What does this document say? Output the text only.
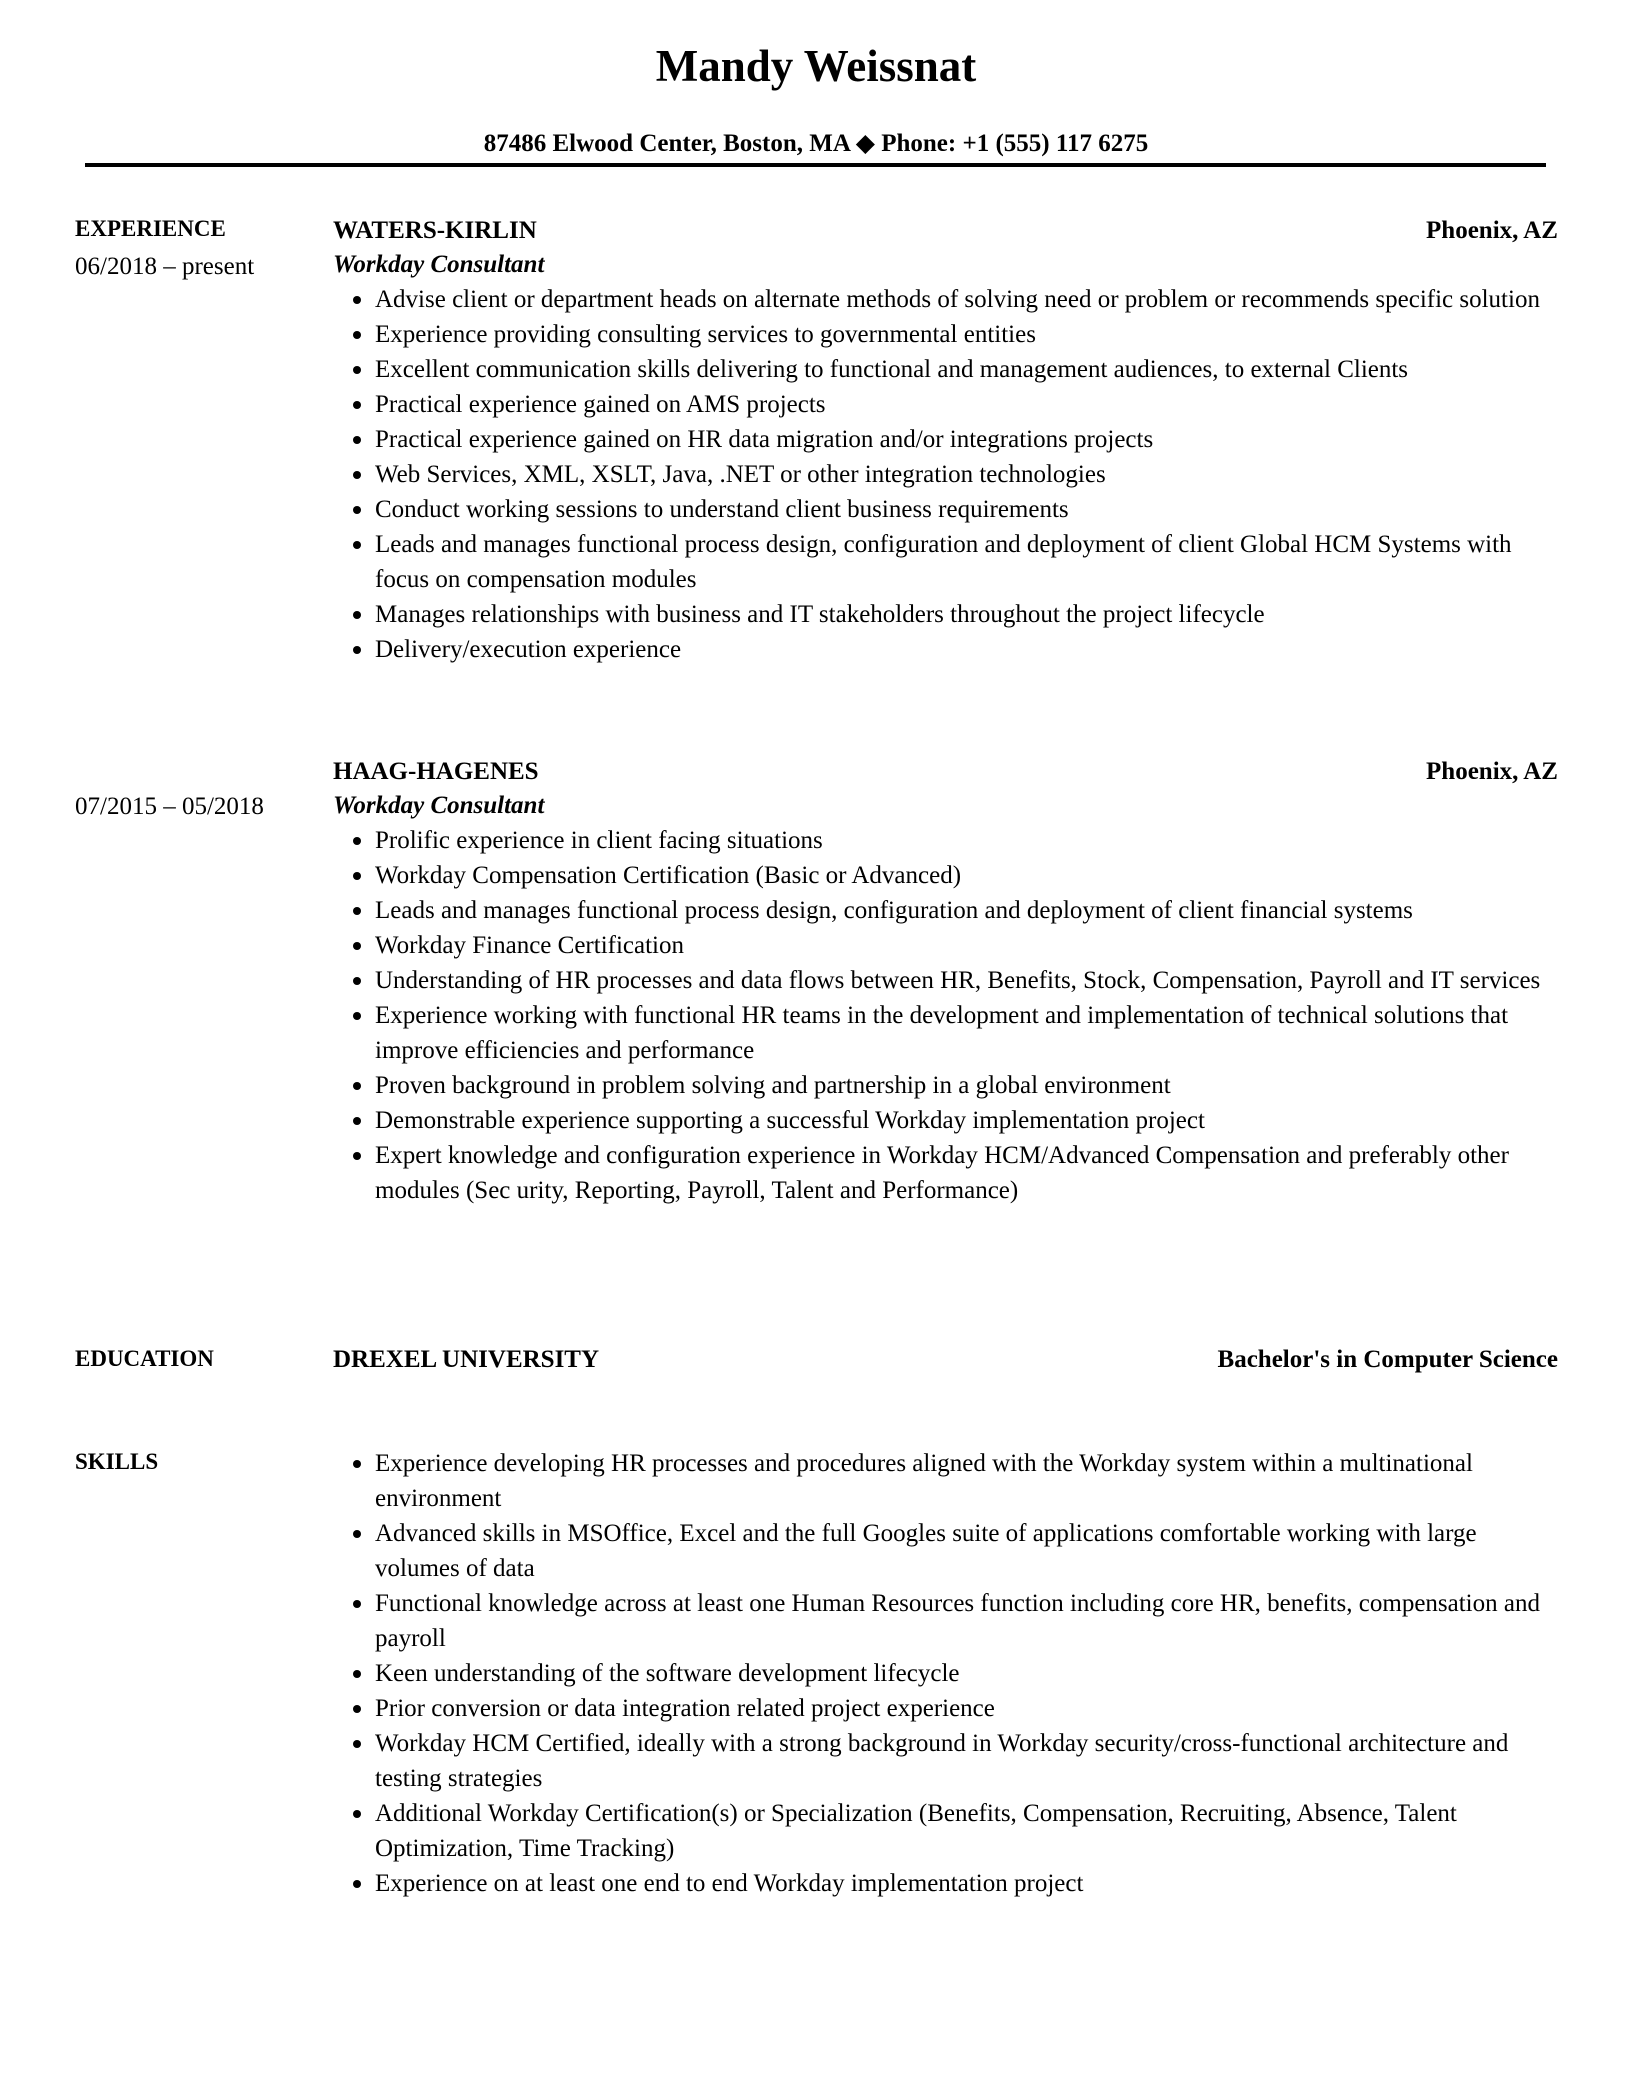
Mandy Weissnat
87486 Elwood Center, Boston, MA ◆ Phone: +1 (555) 117 6275
EXPERIENCE
06/2018 – present
WATERS-KIRLIN	Phoenix, AZ
Workday Consultant
Advise client or department heads on alternate methods of solving need or problem or recommends specific solution
Experience providing consulting services to governmental entities
Excellent communication skills delivering to functional and management audiences, to external Clients
Practical experience gained on AMS projects
Practical experience gained on HR data migration and/or integrations projects
Web Services, XML, XSLT, Java, .NET or other integration technologies
Conduct working sessions to understand client business requirements
Leads and manages functional process design, configuration and deployment of client Global HCM Systems with focus on compensation modules
Manages relationships with business and IT stakeholders throughout the project lifecycle
Delivery/execution experience
07/2015 – 05/2018
HAAG-HAGENES	Phoenix, AZ
Workday Consultant
Prolific experience in client facing situations
Workday Compensation Certification (Basic or Advanced)
Leads and manages functional process design, configuration and deployment of client financial systems
Workday Finance Certification
Understanding of HR processes and data flows between HR, Benefits, Stock, Compensation, Payroll and IT services
Experience working with functional HR teams in the development and implementation of technical solutions that improve efficiencies and performance
Proven background in problem solving and partnership in a global environment
Demonstrable experience supporting a successful Workday implementation project
Expert knowledge and configuration experience in Workday HCM/Advanced Compensation and preferably other modules (Sec urity, Reporting, Payroll, Talent and Performance)
EDUCATION	DREXEL UNIVERSITY	Bachelor's in Computer Science
SKILLS	Experience developing HR processes and procedures aligned with the Workday system within a multinational environment
Advanced skills in MSOffice, Excel and the full Googles suite of applications comfortable working with large volumes of data
Functional knowledge across at least one Human Resources function including core HR, benefits, compensation and payroll
Keen understanding of the software development lifecycle
Prior conversion or data integration related project experience
Workday HCM Certified, ideally with a strong background in Workday security/cross-functional architecture and testing strategies
Additional Workday Certification(s) or Specialization (Benefits, Compensation, Recruiting, Absence, Talent Optimization, Time Tracking)
Experience on at least one end to end Workday implementation project
